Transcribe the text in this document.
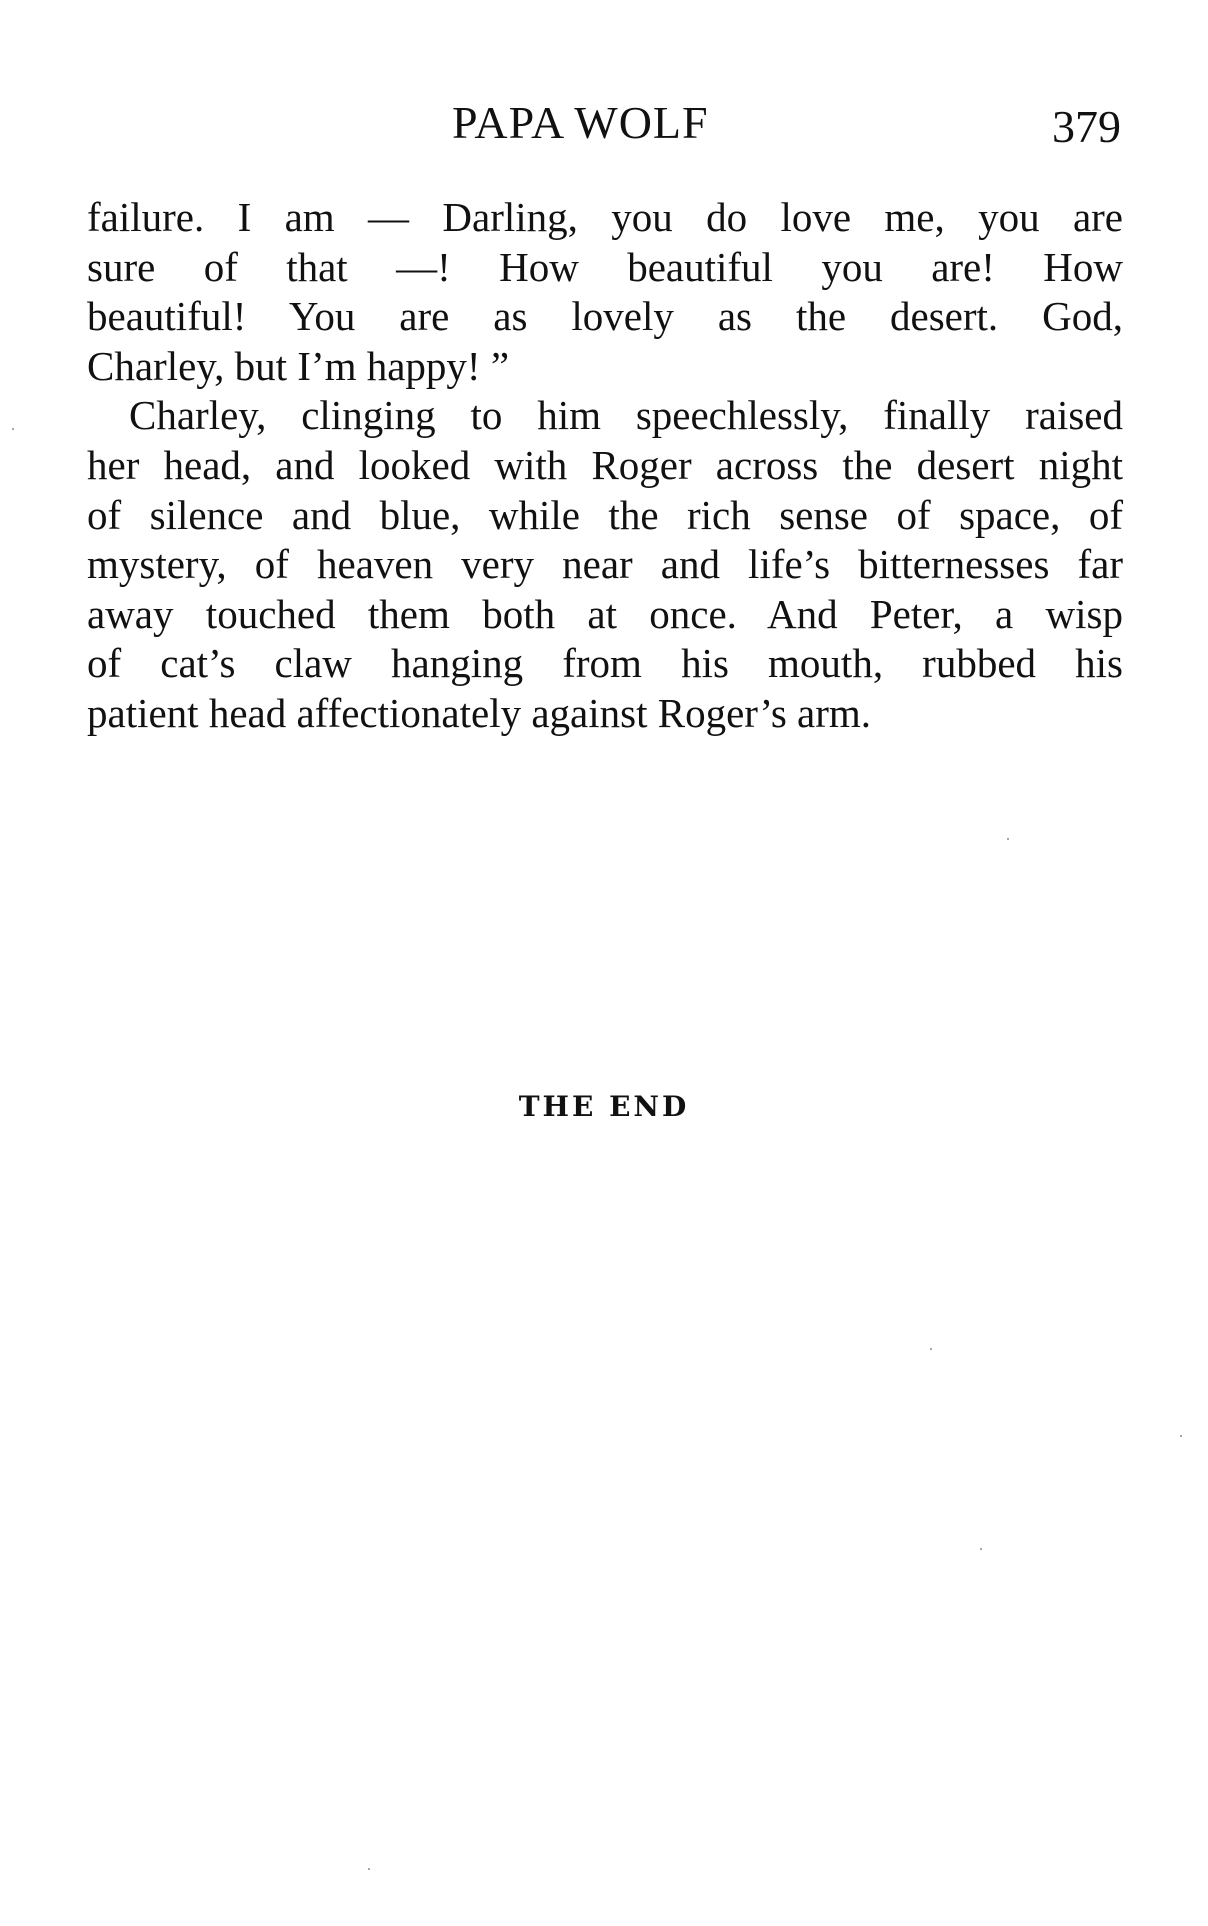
PAPA WOLF	379
failure. I am — Darling, you do love me, you are
sure of that —! How beautiful you are! How
beautiful! You are as lovely as the desert. God,
Charley, but I’m happy! ”
Charley, clinging to him speechlessly, finally raised
her head, and looked with Roger across the desert night
of silence and blue, while the rich sense of space, of
mystery, of heaven very near and life’s bitternesses far
away touched them both at once. And Peter, a wisp
of cat’s claw hanging from his mouth, rubbed his
patient head affectionately against Roger’s arm.
THE END
